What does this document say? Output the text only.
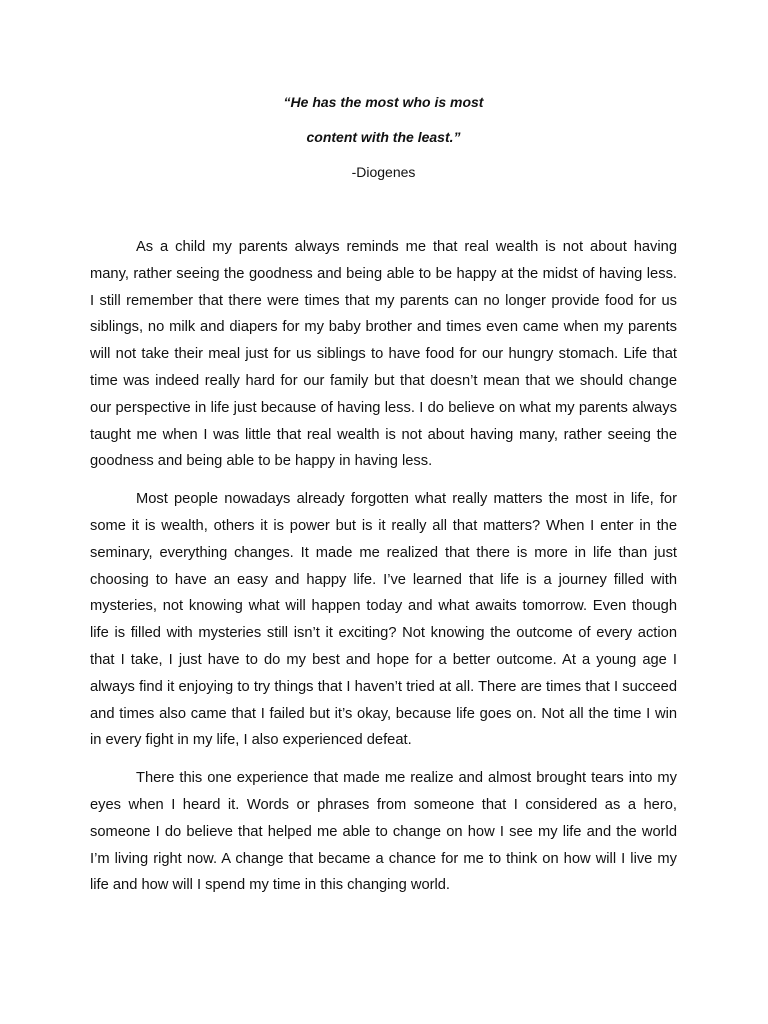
“He has the most who is most

content with the least.”

-Diogenes

As a child my parents always reminds me that real wealth is not about having many, rather seeing the goodness and being able to be happy at the midst of having less. I still remember that there were times that my parents can no longer provide food for us siblings, no milk and diapers for my baby brother and times even came when my parents will not take their meal just for us siblings to have food for our hungry stomach. Life that time was indeed really hard for our family but that doesn’t mean that we should change our perspective in life just because of having less. I do believe on what my parents always taught me when I was little that real wealth is not about having many, rather seeing the goodness and being able to be happy in having less.

Most people nowadays already forgotten what really matters the most in life, for some it is wealth, others it is power but is it really all that matters? When I enter in the seminary, everything changes. It made me realized that there is more in life than just choosing to have an easy and happy life. I’ve learned that life is a journey filled with mysteries, not knowing what will happen today and what awaits tomorrow. Even though life is filled with mysteries still isn’t it exciting? Not knowing the outcome of every action that I take, I just have to do my best and hope for a better outcome. At a young age I always find it enjoying to try things that I haven’t tried at all. There are times that I succeed and times also came that I failed but it’s okay, because life goes on. Not all the time I win in every fight in my life, I also experienced defeat.

There this one experience that made me realize and almost brought tears into my eyes when I heard it. Words or phrases from someone that I considered as a hero, someone I do believe that helped me able to change on how I see my life and the world I’m living right now. A change that became a chance for me to think on how will I live my life and how will I spend my time in this changing world.
